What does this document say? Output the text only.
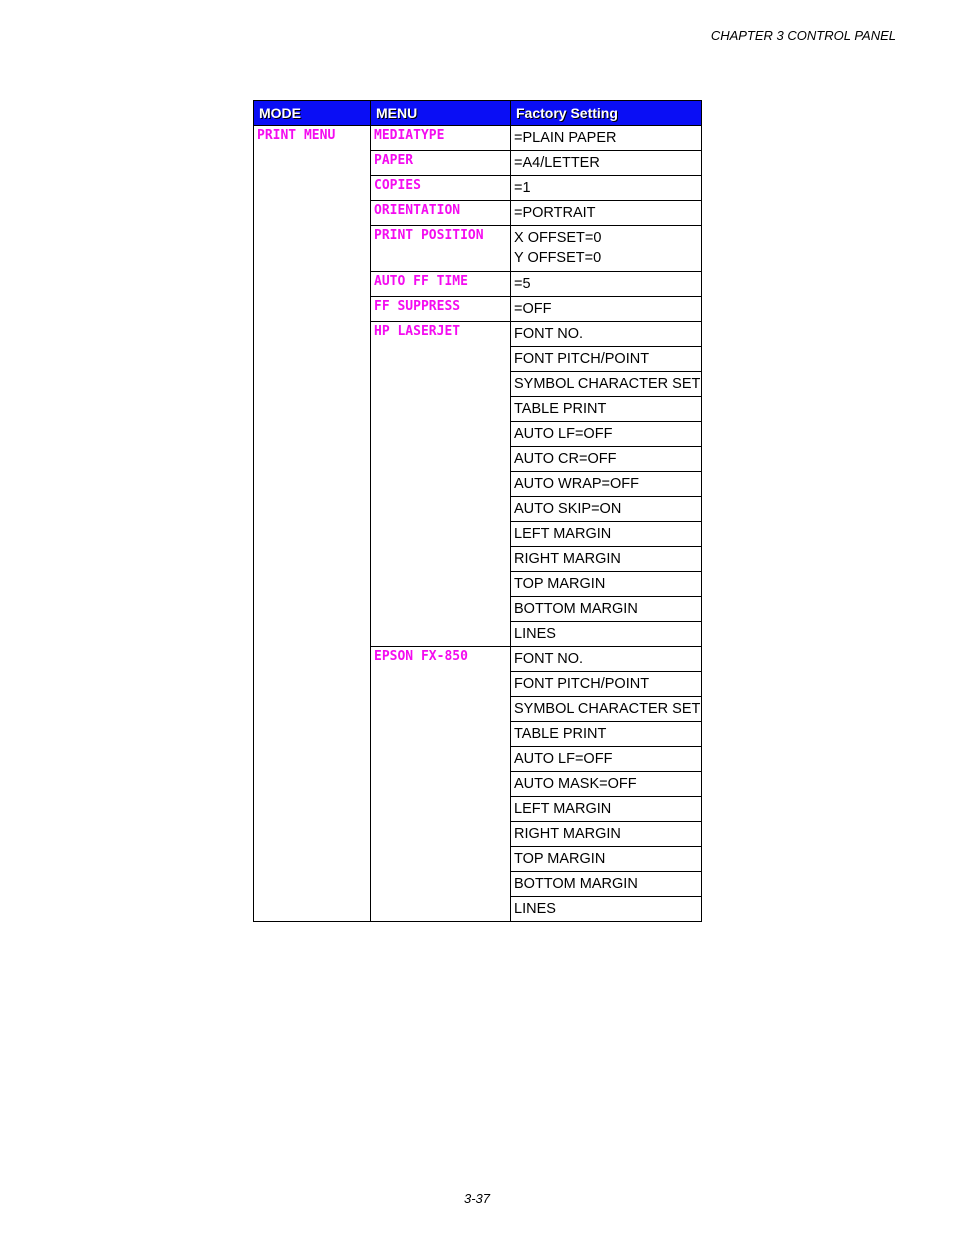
CHAPTER 3 CONTROL PANEL
MODE	MENU	Factory Setting
PRINT MENU	MEDIATYPE	=PLAIN PAPER
	PAPER	=A4/LETTER
	COPIES	=1
	ORIENTATION	=PORTRAIT
	PRINT POSITION	X OFFSET=0
Y OFFSET=0

	AUTO FF TIME	=5
	FF SUPPRESS	=OFF
	HP LASERJET	FONT NO.
		FONT PITCH/POINT
		SYMBOL CHARACTER SET
		TABLE PRINT
		AUTO LF=OFF
		AUTO CR=OFF
		AUTO WRAP=OFF
		AUTO SKIP=ON
		LEFT MARGIN
		RIGHT MARGIN
		TOP MARGIN
		BOTTOM MARGIN
		LINES
	EPSON FX-850	FONT NO.
		FONT PITCH/POINT
		SYMBOL CHARACTER SET
		TABLE PRINT
		AUTO LF=OFF
		AUTO MASK=OFF
		LEFT MARGIN
		RIGHT MARGIN
		TOP MARGIN
		BOTTOM MARGIN
		LINES
3-37
